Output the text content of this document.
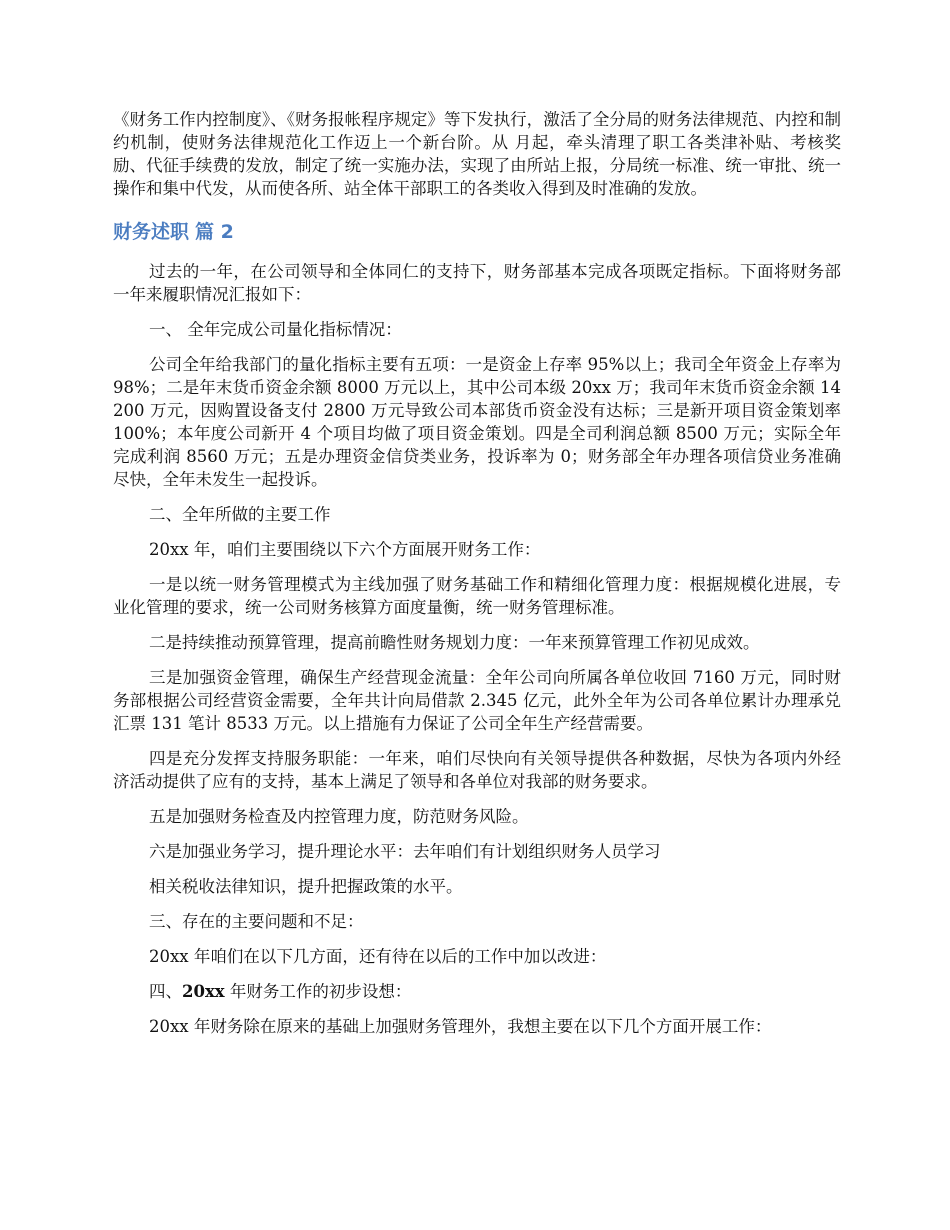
《财务工作内控制度》、《财务报帐程序规定》等下发执行，激活了全分局的财务法律规范、内控和制约机制，使财务法律规范化工作迈上一个新台阶。从 月起，牵头清理了职工各类津补贴、考核奖励、代征手续费的发放，制定了统一实施办法，实现了由所站上报，分局统一标准、统一审批、统一操作和集中代发，从而使各所、站全体干部职工的各类收入得到及时准确的发放。

财务述职 篇 2

过去的一年，在公司领导和全体同仁的支持下，财务部基本完成各项既定指标。下面将财务部一年来履职情况汇报如下：

一、 全年完成公司量化指标情况：

公司全年给我部门的量化指标主要有五项：一是资金上存率 95%以上；我司全年资金上存率为 98%；二是年末货币资金余额 8000 万元以上，其中公司本级 20xx 万；我司年末货币资金余额 14200 万元，因购置设备支付 2800 万元导致公司本部货币资金没有达标；三是新开项目资金策划率 100%；本年度公司新开 4 个项目均做了项目资金策划。四是全司利润总额 8500 万元；实际全年完成利润 8560 万元；五是办理资金信贷类业务，投诉率为 0；财务部全年办理各项信贷业务准确尽快，全年未发生一起投诉。

二、全年所做的主要工作

20xx 年，咱们主要围绕以下六个方面展开财务工作：

一是以统一财务管理模式为主线加强了财务基础工作和精细化管理力度：根据规模化进展，专业化管理的要求，统一公司财务核算方面度量衡，统一财务管理标准。

二是持续推动预算管理，提高前瞻性财务规划力度：一年来预算管理工作初见成效。

三是加强资金管理，确保生产经营现金流量：全年公司向所属各单位收回 7160 万元，同时财务部根据公司经营资金需要，全年共计向局借款 2.345 亿元，此外全年为公司各单位累计办理承兑汇票 131 笔计 8533 万元。以上措施有力保证了公司全年生产经营需要。

四是充分发挥支持服务职能：一年来，咱们尽快向有关领导提供各种数据，尽快为各项内外经济活动提供了应有的支持，基本上满足了领导和各单位对我部的财务要求。

五是加强财务检查及内控管理力度，防范财务风险。

六是加强业务学习，提升理论水平：去年咱们有计划组织财务人员学习

相关税收法律知识，提升把握政策的水平。

三、存在的主要问题和不足：

20xx 年咱们在以下几方面，还有待在以后的工作中加以改进：

四、20xx 年财务工作的初步设想：

20xx 年财务除在原来的基础上加强财务管理外，我想主要在以下几个方面开展工作：
